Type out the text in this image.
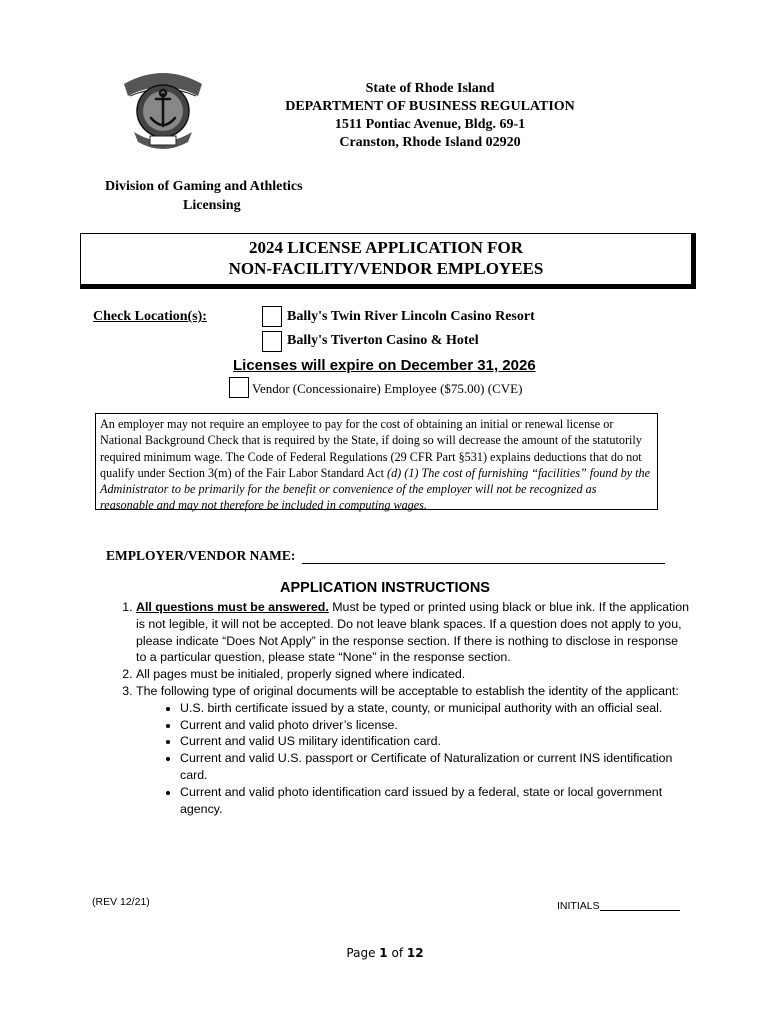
State of Rhode Island
DEPARTMENT OF BUSINESS REGULATION
1511 Pontiac Avenue, Bldg. 69-1
Cranston, Rhode Island 02920
Division of Gaming and Athletics
Licensing
2024 LICENSE APPLICATION FOR
NON-FACILITY/VENDOR EMPLOYEES
Check Location(s):	Bally's Twin River Lincoln Casino Resort
Bally's Tiverton Casino & Hotel
Licenses will expire on December 31, 2026
Vendor (Concessionaire) Employee ($75.00) (CVE)
An employer may not require an employee to pay for the cost of obtaining an initial or renewal license or National Background Check that is required by the State, if doing so will decrease the amount of the statutorily required minimum wage. The Code of Federal Regulations (29 CFR Part §531) explains deductions that do not qualify under Section 3(m) of the Fair Labor Standard Act (d) (1) The cost of furnishing “facilities” found by the Administrator to be primarily for the benefit or convenience of the employer will not be recognized as reasonable and may not therefore be included in computing wages.
EMPLOYER/VENDOR NAME:
APPLICATION INSTRUCTIONS
1. All questions must be answered. Must be typed or printed using black or blue ink. If the application is not legible, it will not be accepted. Do not leave blank spaces. If a question does not apply to you, please indicate “Does Not Apply” in the response section. If there is nothing to disclose in response to a particular question, please state “None” in the response section.
2. All pages must be initialed, properly signed where indicated.
3. The following type of original documents will be acceptable to establish the identity of the applicant:
• U.S. birth certificate issued by a state, county, or municipal authority with an official seal.
• Current and valid photo driver’s license.
• Current and valid US military identification card.
• Current and valid U.S. passport or Certificate of Naturalization or current INS identification card.
• Current and valid photo identification card issued by a federal, state or local government agency.
(REV 12/21)	INITIALS
Page 1 of 12
